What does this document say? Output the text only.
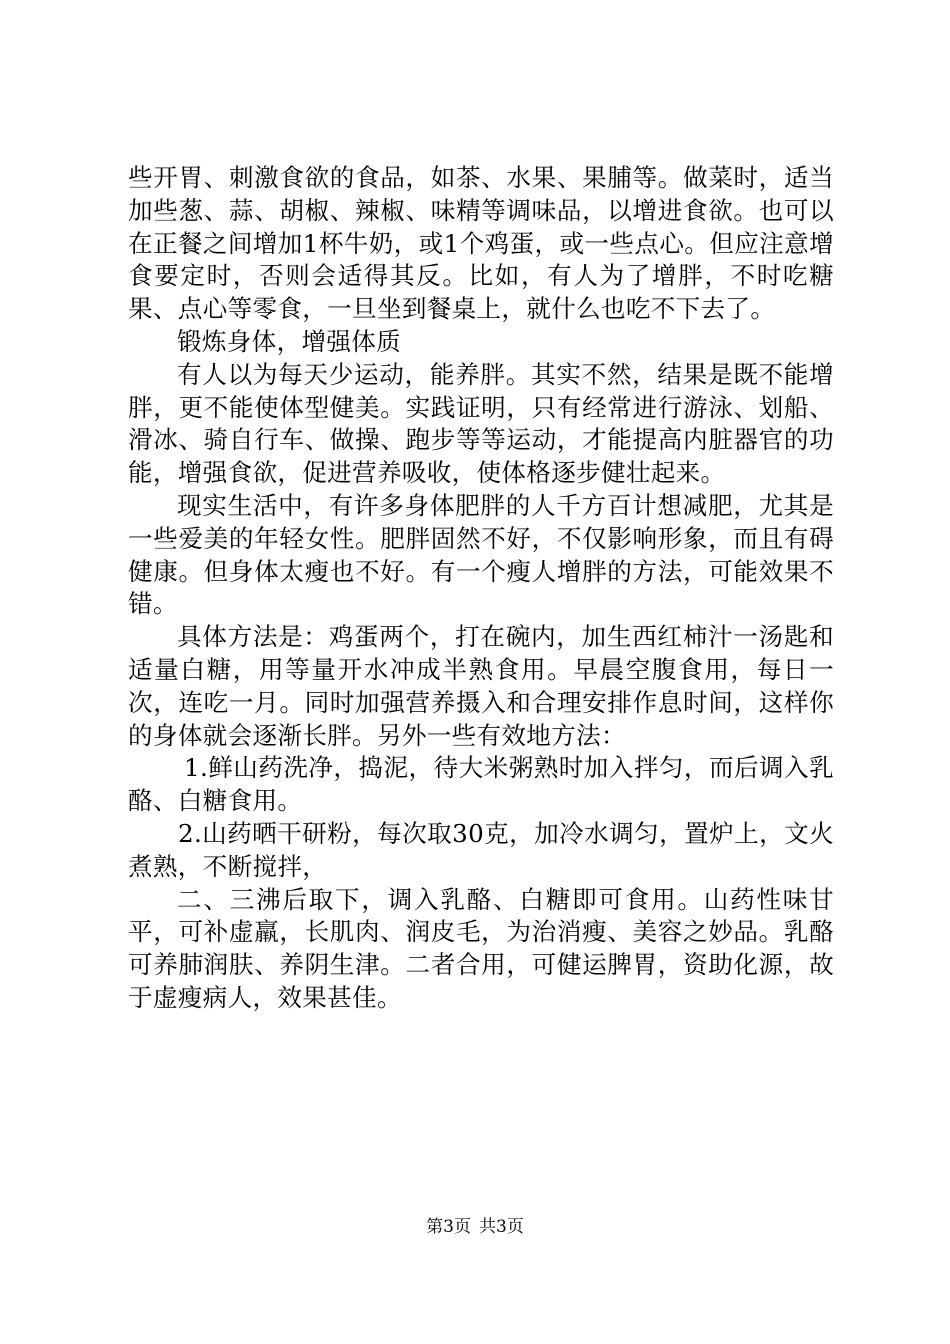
些开胃、刺激食欲的食品，如茶、水果、果脯等。做菜时，适当加些葱、蒜、胡椒、辣椒、味精等调味品，以增进食欲。也可以在正餐之间增加1杯牛奶，或1个鸡蛋，或一些点心。但应注意增食要定时，否则会适得其反。比如，有人为了增胖，不时吃糖果、点心等零食，一旦坐到餐桌上，就什么也吃不下去了。

锻炼身体，增强体质

有人以为每天少运动，能养胖。其实不然，结果是既不能增胖，更不能使体型健美。实践证明，只有经常进行游泳、划船、滑冰、骑自行车、做操、跑步等等运动，才能提高内脏器官的功能，增强食欲，促进营养吸收，使体格逐步健壮起来。

现实生活中，有许多身体肥胖的人千方百计想减肥，尤其是一些爱美的年轻女性。肥胖固然不好，不仅影响形象，而且有碍健康。但身体太瘦也不好。有一个瘦人增胖的方法，可能效果不错。

具体方法是：鸡蛋两个，打在碗内，加生西红柿汁一汤匙和适量白糖，用等量开水冲成半熟食用。早晨空腹食用，每日一次，连吃一月。同时加强营养摄入和合理安排作息时间，这样你的身体就会逐渐长胖。另外一些有效地方法：

1.鲜山药洗净，捣泥，待大米粥熟时加入拌匀，而后调入乳酪、白糖食用。

2.山药晒干研粉，每次取30克，加冷水调匀，置炉上，文火煮熟，不断搅拌，

二、三沸后取下，调入乳酪、白糖即可食用。山药性味甘平，可补虚羸，长肌肉、润皮毛，为治消瘦、美容之妙品。乳酪可养肺润肤、养阴生津。二者合用，可健运脾胃，资助化源，故于虚瘦病人，效果甚佳。

第3页 共3页
